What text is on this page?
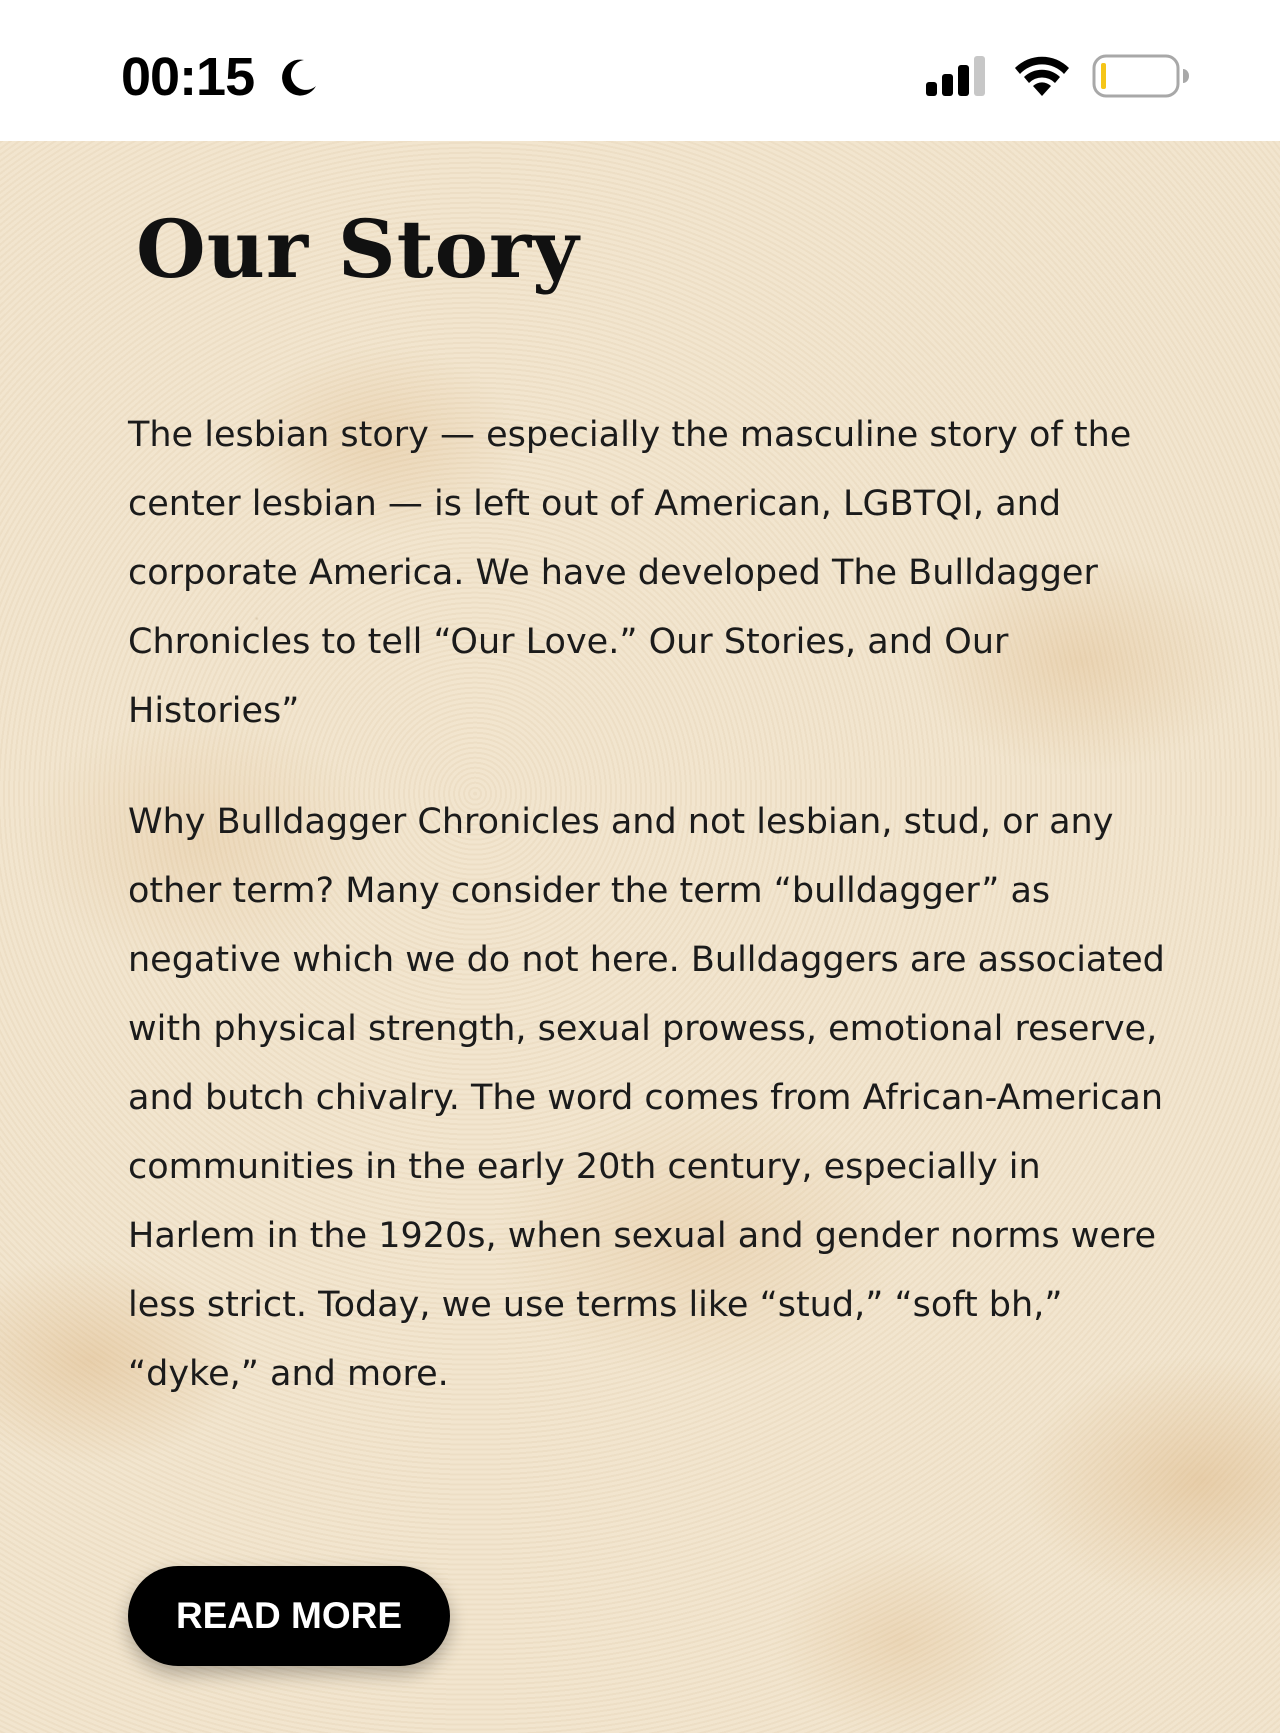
00:15
Our Story

The lesbian story — especially the masculine story of the center lesbian — is left out of American, LGBTQI, and corporate America. We have developed The Bulldagger Chronicles to tell “Our Love.” Our Stories, and Our Histories”

Why Bulldagger Chronicles and not lesbian, stud, or any other term? Many consider the term “bulldagger” as negative which we do not here. Bulldaggers are associated with physical strength, sexual prowess, emotional reserve, and butch chivalry. The word comes from African-American communities in the early 20th century, especially in Harlem in the 1920s, when sexual and gender norms were less strict. Today, we use terms like “stud,” “soft bh,” “dyke,” and more.

READ MORE
